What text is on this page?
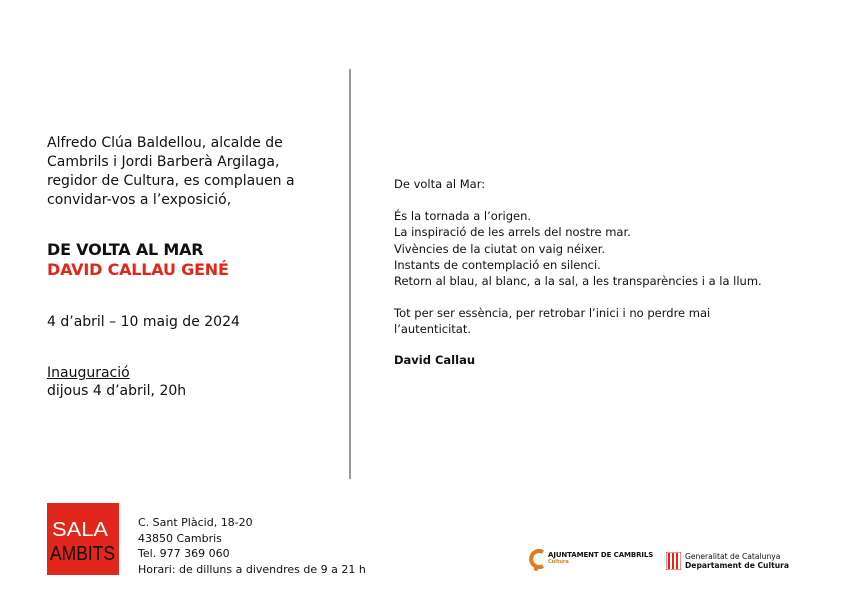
Alfredo Clúa Baldellou, alcalde de
Cambrils i Jordi Barberà Argilaga,
regidor de Cultura, es complauen a
convidar-vos a l’exposició,
DE VOLTA AL MAR
DAVID CALLAU GENÉ
4 d’abril – 10 maig de 2024
Inauguració
dijous 4 d’abril, 20h
De volta al Mar:
És la tornada a l’origen.
La inspiració de les arrels del nostre mar.
Vivències de la ciutat on vaig néixer.
Instants de contemplació en silenci.
Retorn al blau, al blanc, a la sal, a les transparències i a la llum.
Tot per ser essència, per retrobar l’inici i no perdre mai
l’autenticitat.
David Callau
SALA
AMBITS
C. Sant Plàcid, 18-20
43850 Cambris
Tel. 977 369 060
Horari: de dilluns a divendres de 9 a 21 h
AJUNTAMENT DE CAMBRILS
Cultura
Generalitat de Catalunya
Departament de Cultura
